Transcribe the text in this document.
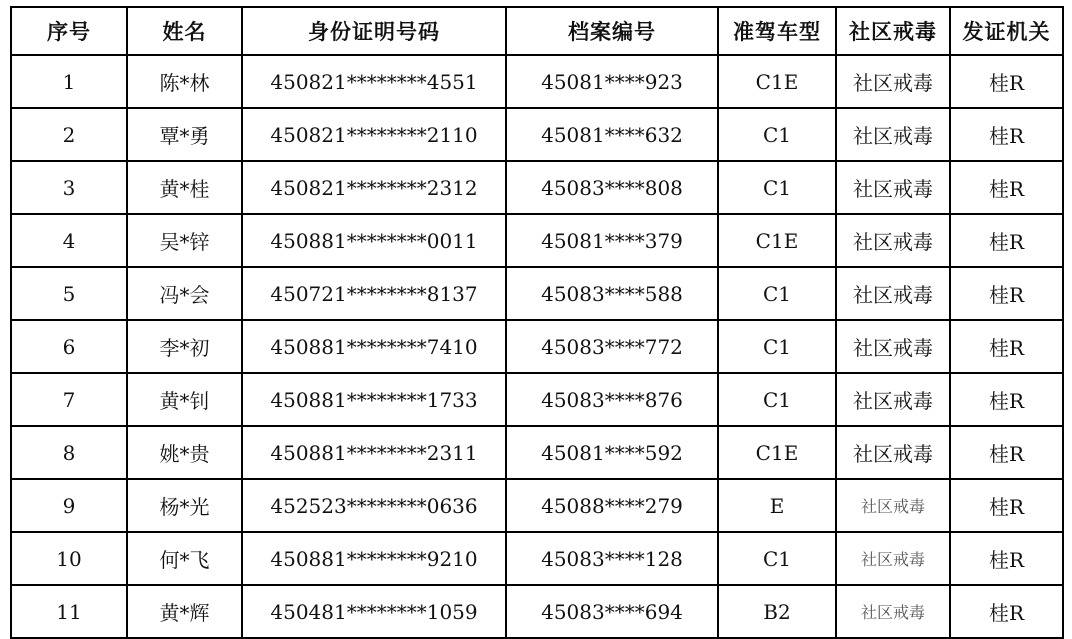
序号	姓名	身份证明号码	档案编号	准驾车型	社区戒毒	发证机关
1	陈*林	450821********4551	45081****923	C1E	社区戒毒	桂R
2	覃*勇	450821********2110	45081****632	C1	社区戒毒	桂R
3	黄*桂	450821********2312	45083****808	C1	社区戒毒	桂R
4	吴*锌	450881********0011	45081****379	C1E	社区戒毒	桂R
5	冯*会	450721********8137	45083****588	C1	社区戒毒	桂R
6	李*初	450881********7410	45083****772	C1	社区戒毒	桂R
7	黄*钊	450881********1733	45083****876	C1	社区戒毒	桂R
8	姚*贵	450881********2311	45081****592	C1E	社区戒毒	桂R
9	杨*光	452523********0636	45088****279	E	社区戒毒	桂R
10	何*飞	450881********9210	45083****128	C1	社区戒毒	桂R
11	黄*辉	450481********1059	45083****694	B2	社区戒毒	桂R
